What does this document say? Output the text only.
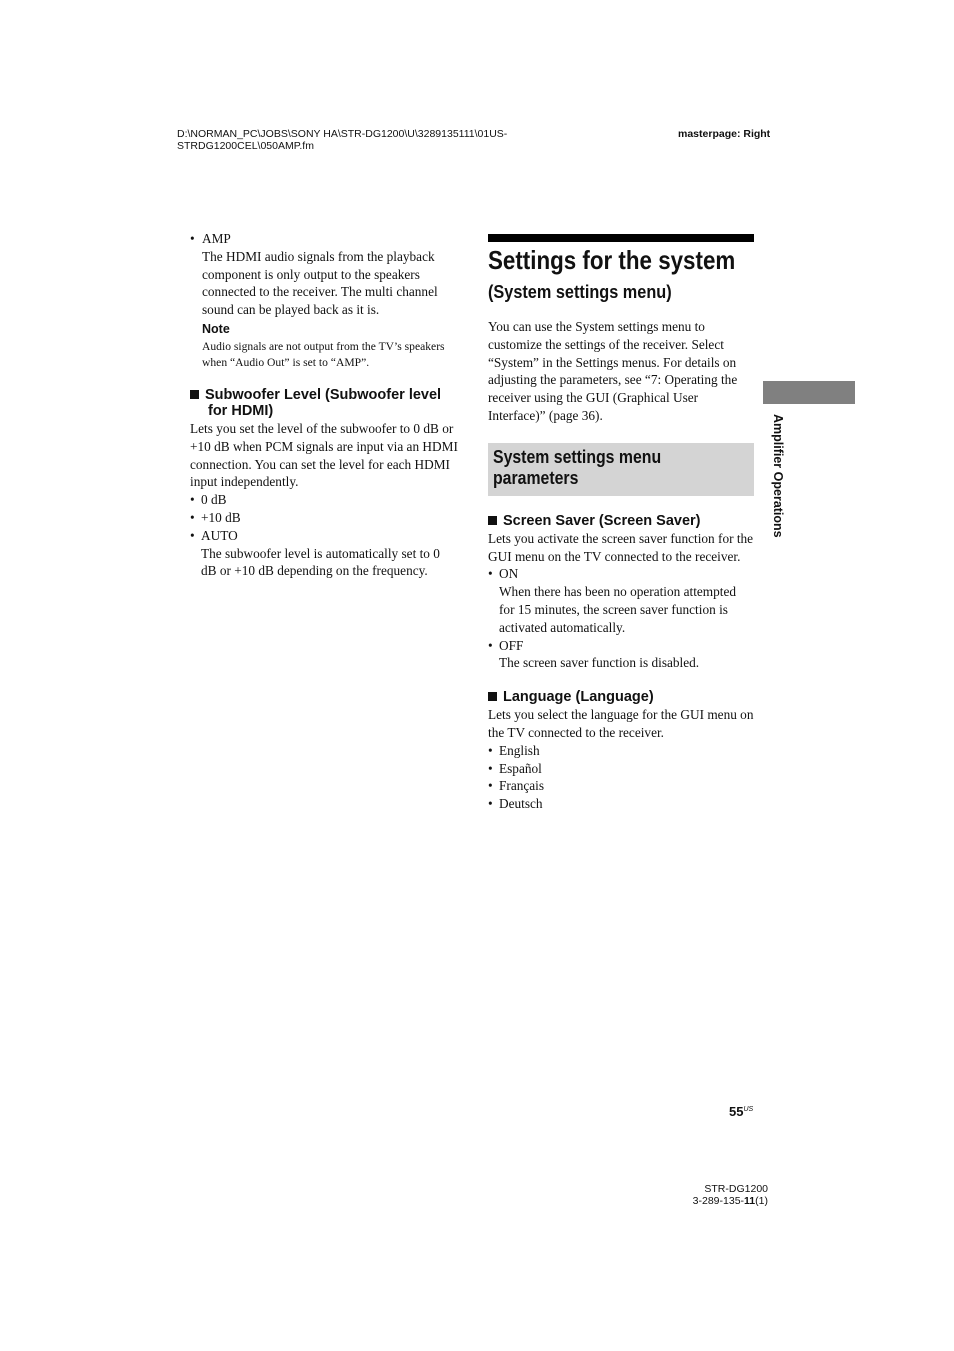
D:\NORMAN_PC\JOBS\SONY HA\STR-DG1200\U\3289135111\01US-
STRDG1200CEL\050AMP.fm
masterpage: Right
• AMP
The HDMI audio signals from the playback component is only output to the speakers connected to the receiver. The multi channel sound can be played back as it is.
Note
Audio signals are not output from the TV’s speakers when “Audio Out” is set to “AMP”.
Subwoofer Level (Subwoofer level for HDMI)
Lets you set the level of the subwoofer to 0 dB or +10 dB when PCM signals are input via an HDMI connection. You can set the level for each HDMI input independently.
• 0 dB
• +10 dB
• AUTO
The subwoofer level is automatically set to 0 dB or +10 dB depending on the frequency.
Settings for the system
(System settings menu)
You can use the System settings menu to customize the settings of the receiver. Select “System” in the Settings menus. For details on adjusting the parameters, see “7: Operating the receiver using the GUI (Graphical User Interface)” (page 36).
System settings menu parameters
Screen Saver (Screen Saver)
Lets you activate the screen saver function for the GUI menu on the TV connected to the receiver.
• ON
When there has been no operation attempted for 15 minutes, the screen saver function is activated automatically.
• OFF
The screen saver function is disabled.
Language (Language)
Lets you select the language for the GUI menu on the TV connected to the receiver.
• English
• Español
• Français
• Deutsch
Amplifier Operations
$55^{US}$
STR-DG1200
3-289-135-11(1)
